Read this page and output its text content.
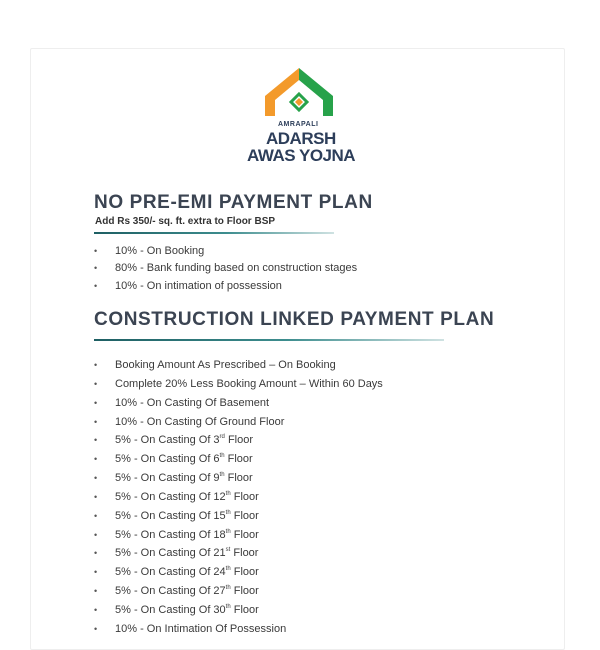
AMRAPALI
ADARSH
AWAS YOJNA
NO PRE-EMI PAYMENT PLAN
Add Rs 350/- sq. ft. extra to Floor BSP
• 10% - On Booking
• 80% - Bank funding based on construction stages
• 10% - On intimation of possession
CONSTRUCTION LINKED PAYMENT PLAN
• Booking Amount As Prescribed – On Booking
• Complete 20% Less Booking Amount – Within 60 Days
• 10% - On Casting Of Basement
• 10% - On Casting Of Ground Floor
• 5% - On Casting Of 3rd Floor
• 5% - On Casting Of 6th Floor
• 5% - On Casting Of 9th Floor
• 5% - On Casting Of 12th Floor
• 5% - On Casting Of 15th Floor
• 5% - On Casting Of 18th Floor
• 5% - On Casting Of 21st Floor
• 5% - On Casting Of 24th Floor
• 5% - On Casting Of 27th Floor
• 5% - On Casting Of 30th Floor
• 10% - On Intimation Of Possession
